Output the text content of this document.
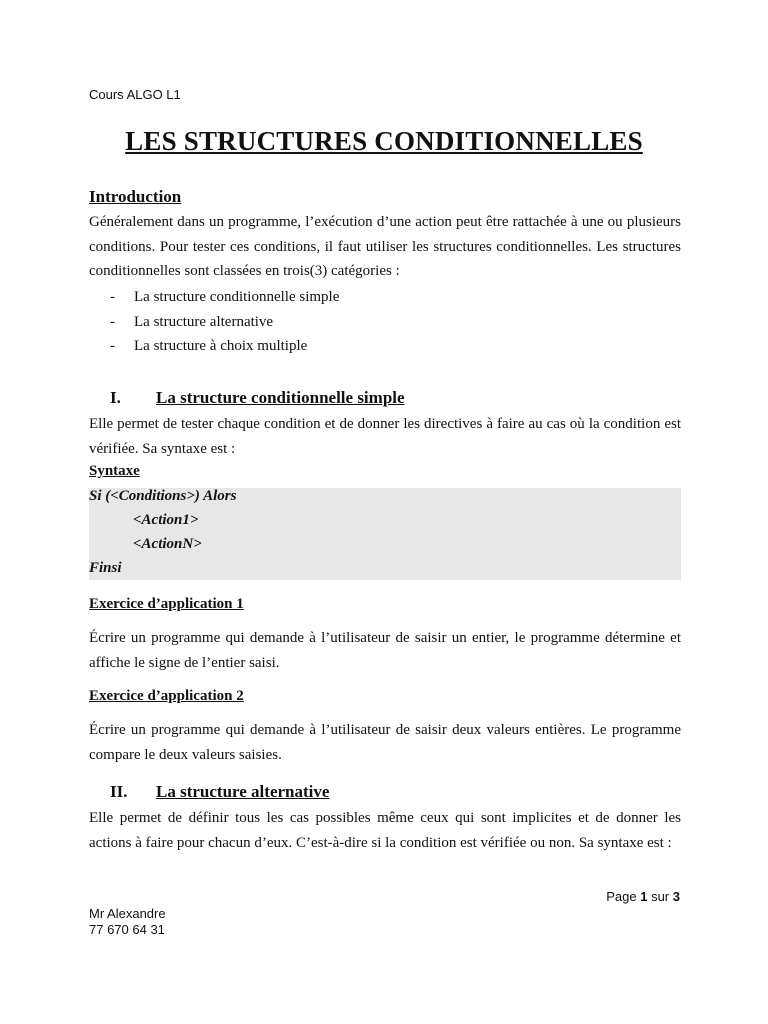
Cours ALGO L1
LES STRUCTURES CONDITIONNELLES
Introduction
Généralement dans un programme, l’exécution d’une action peut être rattachée à une ou plusieurs conditions. Pour tester ces conditions, il faut utiliser les structures conditionnelles. Les structures conditionnelles sont classées en trois(3) catégories :
-	La structure conditionnelle simple
-	La structure alternative
-	La structure à choix multiple
I. La structure conditionnelle simple
Elle permet de tester chaque condition et de donner les directives à faire au cas où la condition est vérifiée. Sa syntaxe est :
Syntaxe
Si (<Conditions>) Alors
<Action1>
<ActionN>
Finsi
Exercice d’application 1
Écrire un programme qui demande à l’utilisateur de saisir un entier, le programme détermine et affiche le signe de l’entier saisi.
Exercice d’application 2
Écrire un programme qui demande à l’utilisateur de saisir deux valeurs entières. Le programme compare le deux valeurs saisies.
II. La structure alternative
Elle permet de définir tous les cas possibles même ceux qui sont implicites et de donner les actions à faire pour chacun d’eux. C’est-à-dire si la condition est vérifiée ou non. Sa syntaxe est :
Page 1 sur 3
Mr Alexandre
77 670 64 31
